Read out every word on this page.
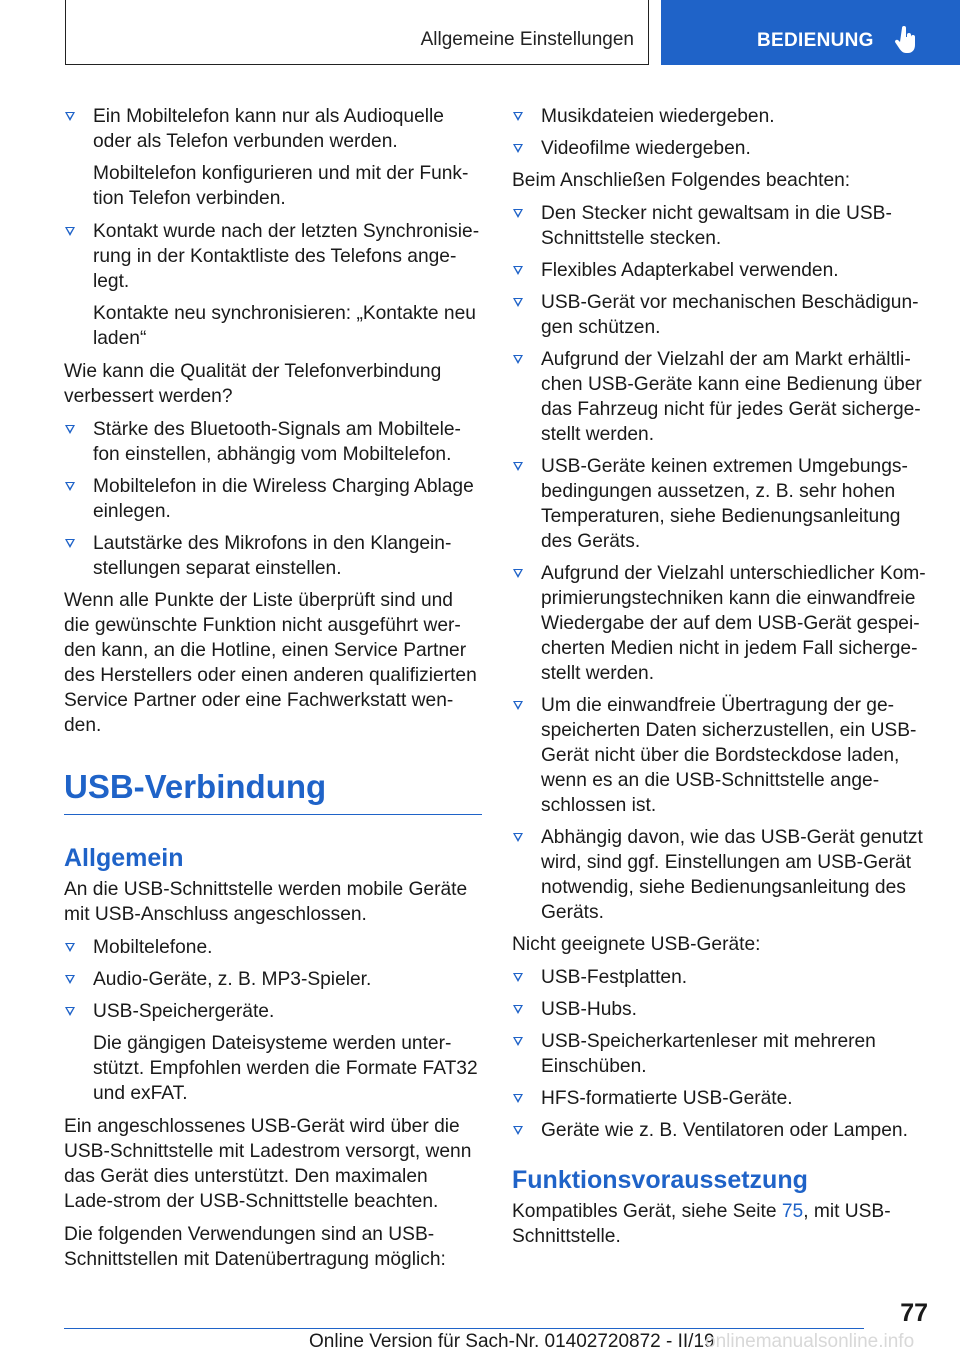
Allgemeine Einstellungen	BEDIENUNG
Ein Mobiltelefon kann nur als Audioquelle oder als Telefon verbunden werden.
Mobiltelefon konfigurieren und mit der Funk-tion Telefon verbinden.
Kontakt wurde nach der letzten Synchronisie-rung in der Kontaktliste des Telefons ange-legt.
Kontakte neu synchronisieren: „Kontakte neu laden“
Wie kann die Qualität der Telefonverbindung verbessert werden?
Stärke des Bluetooth-Signals am Mobiltele-fon einstellen, abhängig vom Mobiltelefon.
Mobiltelefon in die Wireless Charging Ablage einlegen.
Lautstärke des Mikrofons in den Klangein-stellungen separat einstellen.
Wenn alle Punkte der Liste überprüft sind und die gewünschte Funktion nicht ausgeführt wer-den kann, an die Hotline, einen Service Partner des Herstellers oder einen anderen qualifizierten Service Partner oder eine Fachwerkstatt wen-den.
USB-Verbindung
Allgemein
An die USB-Schnittstelle werden mobile Geräte mit USB-Anschluss angeschlossen.
Mobiltelefone.
Audio-Geräte, z. B. MP3-Spieler.
USB-Speichergeräte.
Die gängigen Dateisysteme werden unter-stützt. Empfohlen werden die Formate FAT32 und exFAT.
Ein angeschlossenes USB-Gerät wird über die USB-Schnittstelle mit Ladestrom versorgt, wenn das Gerät dies unterstützt. Den maximalen Lade-strom der USB-Schnittstelle beachten.
Die folgenden Verwendungen sind an USB-Schnittstellen mit Datenübertragung möglich:
Musikdateien wiedergeben.
Videofilme wiedergeben.
Beim Anschließen Folgendes beachten:
Den Stecker nicht gewaltsam in die USB-Schnittstelle stecken.
Flexibles Adapterkabel verwenden.
USB-Gerät vor mechanischen Beschädigun-gen schützen.
Aufgrund der Vielzahl der am Markt erhältli-chen USB-Geräte kann eine Bedienung über das Fahrzeug nicht für jedes Gerät sicherge-stellt werden.
USB-Geräte keinen extremen Umgebungs-bedingungen aussetzen, z. B. sehr hohen Temperaturen, siehe Bedienungsanleitung des Geräts.
Aufgrund der Vielzahl unterschiedlicher Kom-primierungstechniken kann die einwandfreie Wiedergabe der auf dem USB-Gerät gespei-cherten Medien nicht in jedem Fall sicherge-stellt werden.
Um die einwandfreie Übertragung der ge-speicherten Daten sicherzustellen, ein USB-Gerät nicht über die Bordsteckdose laden, wenn es an die USB-Schnittstelle ange-schlossen ist.
Abhängig davon, wie das USB-Gerät genutzt wird, sind ggf. Einstellungen am USB-Gerät notwendig, siehe Bedienungsanleitung des Geräts.
Nicht geeignete USB-Geräte:
USB-Festplatten.
USB-Hubs.
USB-Speicherkartenleser mit mehreren Einschüben.
HFS-formatierte USB-Geräte.
Geräte wie z. B. Ventilatoren oder Lampen.
Funktionsvoraussetzung
Kompatibles Gerät, siehe Seite 75, mit USB-Schnittstelle.
77
Online Version für Sach-Nr. 01402720872 - II/19
onlinemanualsonline.info
